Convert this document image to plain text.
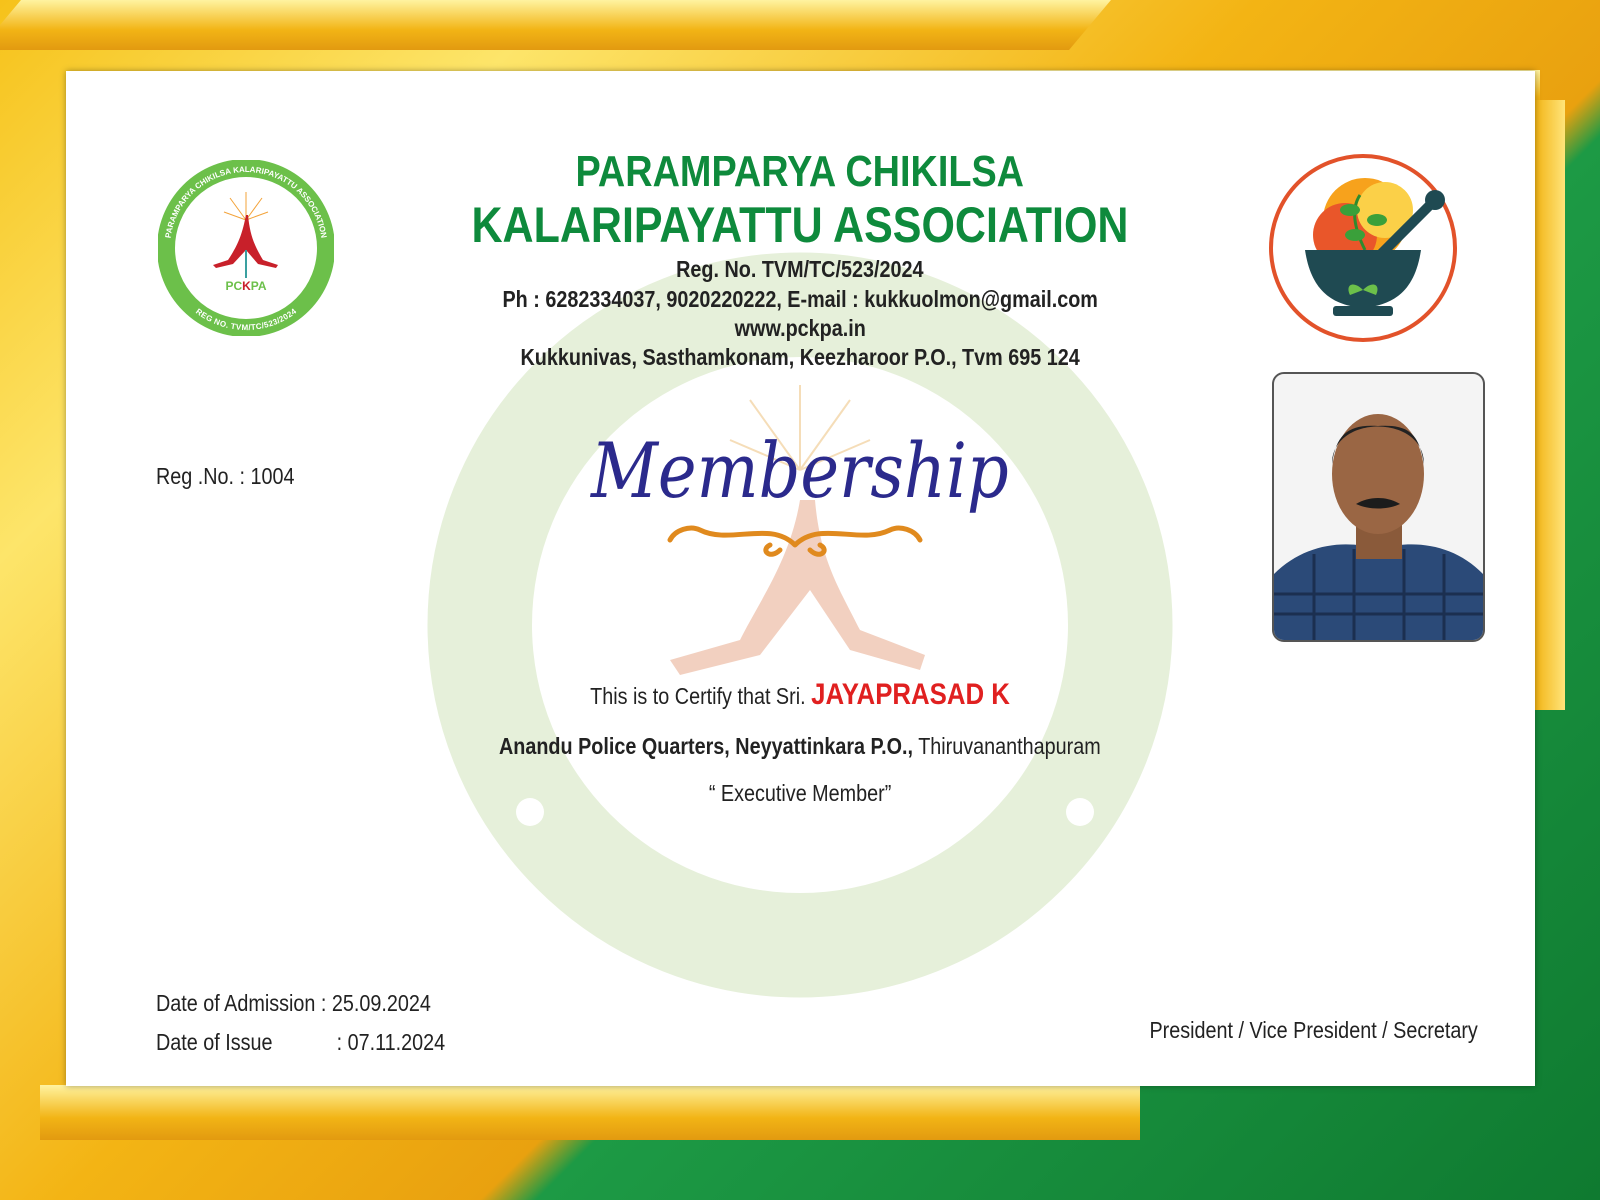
PARAMPARYA CHIKILSA KALARIPAYATTU ASSOCIATION
REG NO. TVM/TC/523/2024
PCKPA
PARAMPARYA CHIKILSA
KALARIPAYATTU ASSOCIATION
Reg. No. TVM/TC/523/2024
Ph : 6282334037, 9020220222, E-mail : kukkuolmon@gmail.com
www.pckpa.in
Kukkunivas, Sasthamkonam, Keezharoor P.O., Tvm 695 124
Reg .No. : 1004	Membership
This is to Certify that Sri. JAYAPRASAD K
Anandu Police Quarters, Neyyattinkara P.O., Thiruvananthapuram
“ Executive Member”
Date of Admission : 25.09.2024
Date of Issue	: 07.11.2024	President / Vice President / Secretary
